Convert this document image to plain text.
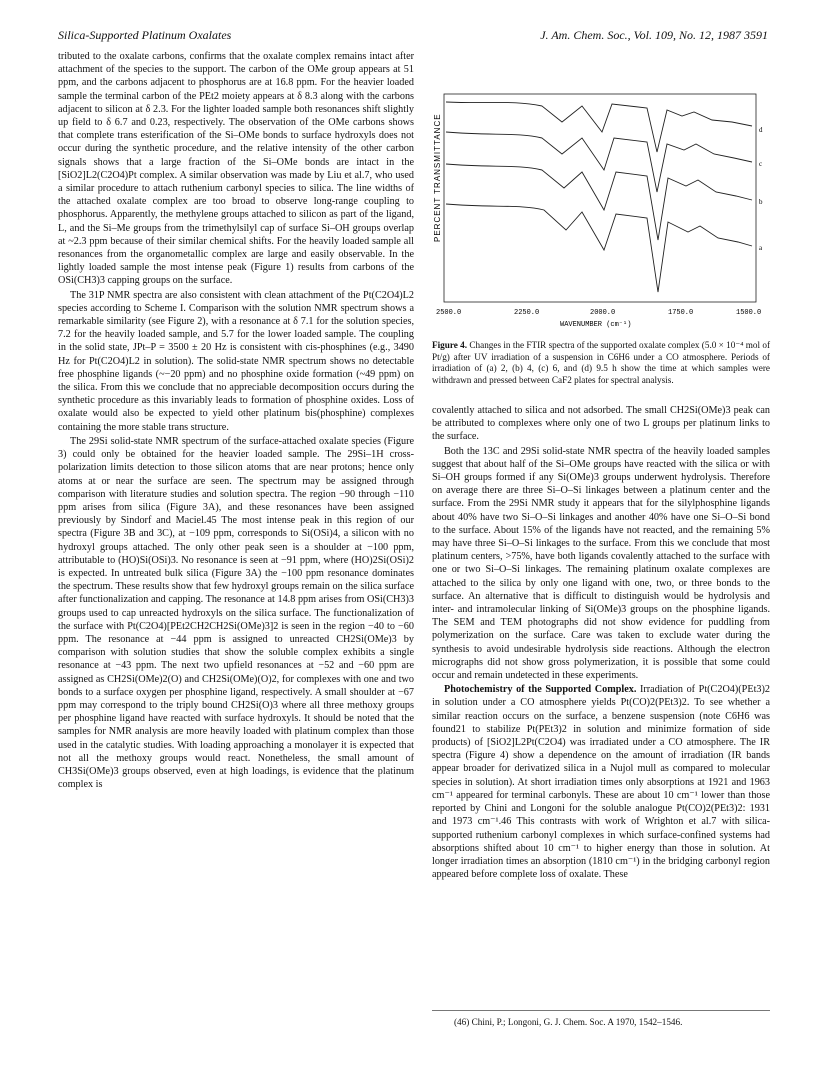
Silica-Supported Platinum Oxalates	J. Am. Chem. Soc., Vol. 109, No. 12, 1987 3591

tributed to the oxalate carbons, confirms that the oxalate complex remains intact after attachment of the species to the support. The carbon of the OMe group appears at 51 ppm, and the carbons adjacent to phosphorus are at 16.8 ppm. For the heavier loaded sample the terminal carbon of the PEt2 moiety appears at δ 8.3 along with the carbons adjacent to silicon at δ 2.3. For the lighter loaded sample both resonances shift slightly up field to δ 6.7 and 0.23, respectively. The observation of the OMe carbons shows that complete trans esterification of the Si–OMe bonds to surface hydroxyls does not occur during the synthetic procedure, and the relative intensity of the other carbon signals shows that a large fraction of the Si–OMe bonds are intact in the [SiO2]L2(C2O4)Pt complex. A similar observation was made by Liu et al.7, who used a similar procedure to attach ruthenium carbonyl species to silica. The line widths of the attached oxalate complex are too broad to observe long-range coupling to phosphorus. Apparently, the methylene groups attached to silicon as part of the ligand, L, and the Si–Me groups from the trimethylsilyl cap of surface Si–OH groups overlap at ~2.3 ppm because of their similar chemical shifts. For the heavily loaded sample all resonances from the organometallic complex are large and easily observable. In the lightly loaded sample the most intense peak (Figure 1) results from carbons of the OSi(CH3)3 capping groups on the surface.

The 31P NMR spectra are also consistent with clean attachment of the Pt(C2O4)L2 species according to Scheme I. Comparison with the solution NMR spectrum shows a remarkable similarity (see Figure 2), with a resonance at δ 7.1 for the solution species, 7.2 for the heavily loaded sample, and 5.7 for the lower loaded sample. The coupling in the solid state, JPt–P = 3500 ± 20 Hz is consistent with cis-phosphines (e.g., 3490 Hz for Pt(C2O4)L2 in solution). The solid-state NMR spectrum shows no detectable free phosphine ligands (~−20 ppm) and no phosphine oxide formation (~49 ppm) on the silica. From this we conclude that no appreciable decomposition occurs during the synthetic procedure as this invariably leads to formation of phosphine oxides. Loss of oxalate would also be expected to yield other platinum bis(phosphine) complexes containing the more stable trans structure.

The 29Si solid-state NMR spectrum of the surface-attached oxalate species (Figure 3) could only be obtained for the heavier loaded sample. The 29Si–1H cross-polarization limits detection to those silicon atoms that are near protons; hence only atoms at or near the surface are seen. The spectrum may be assigned through comparison with literature studies and solution spectra. The region −90 through −110 ppm arises from silica (Figure 3A), and these resonances have been assigned previously by Sindorf and Maciel.45 The most intense peak in this region of our spectra (Figure 3B and 3C), at −109 ppm, corresponds to Si(OSi)4, a silicon with no hydroxyl groups attached. The only other peak seen is a shoulder at −100 ppm, attributable to (HO)Si(OSi)3. No resonance is seen at −91 ppm, where (HO)2Si(OSi)2 is expected. In untreated bulk silica (Figure 3A) the −100 ppm resonance dominates the spectrum. These results show that few hydroxyl groups remain on the silica surface after functionalization and capping. The resonance at 14.8 ppm arises from OSi(CH3)3 groups used to cap unreacted hydroxyls on the silica surface. The functionalization of the surface with Pt(C2O4)[PEt2CH2CH2Si(OMe)3]2 is seen in the region −40 to −60 ppm. The resonance at −44 ppm is assigned to unreacted CH2Si(OMe)3 by comparison with solution studies that show the soluble complex exhibits a single resonance at −43 ppm. The next two upfield resonances at −52 and −60 ppm are assigned as CH2Si(OMe)2(O) and CH2Si(OMe)(O)2, for complexes with one and two bonds to a surface oxygen per phosphine ligand, respectively. A small shoulder at −67 ppm may correspond to the triply bound CH2Si(O)3 where all three methoxy groups per phosphine ligand have reacted with surface hydroxyls. It should be noted that the samples for NMR analysis are more heavily loaded with platinum complex than those used in the catalytic studies. With loading approaching a monolayer it is expected that not all the methoxy groups would react. Nonetheless, the small amount of CH3Si(OMe)3 groups observed, even at high loadings, is evidence that the platinum complex is

PERCENT TRANSMITTANCE	d
c
b
a
2500.0	2250.0	2000.0	1750.0	1500.0
WAVENUMBER (cm⁻¹)
Figure 4. Changes in the FTIR spectra of the supported oxalate complex (5.0 × 10⁻⁴ mol of Pt/g) after UV irradiation of a suspension in C6H6 under a CO atmosphere. Periods of irradiation of (a) 2, (b) 4, (c) 6, and (d) 9.5 h show the time at which samples were withdrawn and pressed between CaF2 plates for spectral analysis.

covalently attached to silica and not adsorbed. The small CH2Si(OMe)3 peak can be attributed to complexes where only one of two L groups per platinum links to the surface.

Both the 13C and 29Si solid-state NMR spectra of the heavily loaded samples suggest that about half of the Si–OMe groups have reacted with the silica or with Si–OH groups formed if any Si(OMe)3 groups underwent hydrolysis. Therefore on average there are three Si–O–Si linkages between a platinum center and the surface. From the 29Si NMR study it appears that for the silylphosphine ligands about 40% have two Si–O–Si linkages and another 40% have one Si–O–Si bond to the surface. About 15% of the ligands have not reacted, and the remaining 5% may have three Si–O–Si linkages to the surface. From this we conclude that most platinum centers, >75%, have both ligands covalently attached to the surface with one or two Si–O–Si linkages. The remaining platinum oxalate complexes are attached to the silica by only one ligand with one, two, or three bonds to the surface. An alternative that is difficult to distinguish would be hydrolysis and inter- and intramolecular linking of Si(OMe)3 groups on the phosphine ligands. The SEM and TEM photographs did not show evidence for puddling from polymerization on the surface. Care was taken to exclude water during the synthesis to avoid undesirable hydrolysis side reactions. Although the electron micrographs did not show gross polymerization, it is possible that some could occur and remain undetected in these experiments.

Photochemistry of the Supported Complex. Irradiation of Pt(C2O4)(PEt3)2 in solution under a CO atmosphere yields Pt(CO)2(PEt3)2. To see whether a similar reaction occurs on the surface, a benzene suspension (note C6H6 was found21 to stabilize Pt(PEt3)2 in solution and minimize formation of side products) of [SiO2]L2Pt(C2O4) was irradiated under a CO atmosphere. The IR spectra (Figure 4) show a dependence on the amount of irradiation (IR bands appear broader for derivatized silica in a Nujol mull as compared to molecular species in solution). At short irradiation times only absorptions at 1921 and 1963 cm⁻¹ appeared for terminal carbonyls. These are about 10 cm⁻¹ lower than those reported by Chini and Longoni for the soluble analogue Pt(CO)2(PEt3)2: 1931 and 1973 cm⁻¹.46 This contrasts with work of Wrighton et al.7 with silica-supported ruthenium carbonyl complexes in which surface-confined systems had absorptions shifted about 10 cm⁻¹ to higher energy than those in solution. At longer irradiation times an absorption (1810 cm⁻¹) in the bridging carbonyl region appeared before complete loss of oxalate. These

(46) Chini, P.; Longoni, G. J. Chem. Soc. A 1970, 1542–1546.
